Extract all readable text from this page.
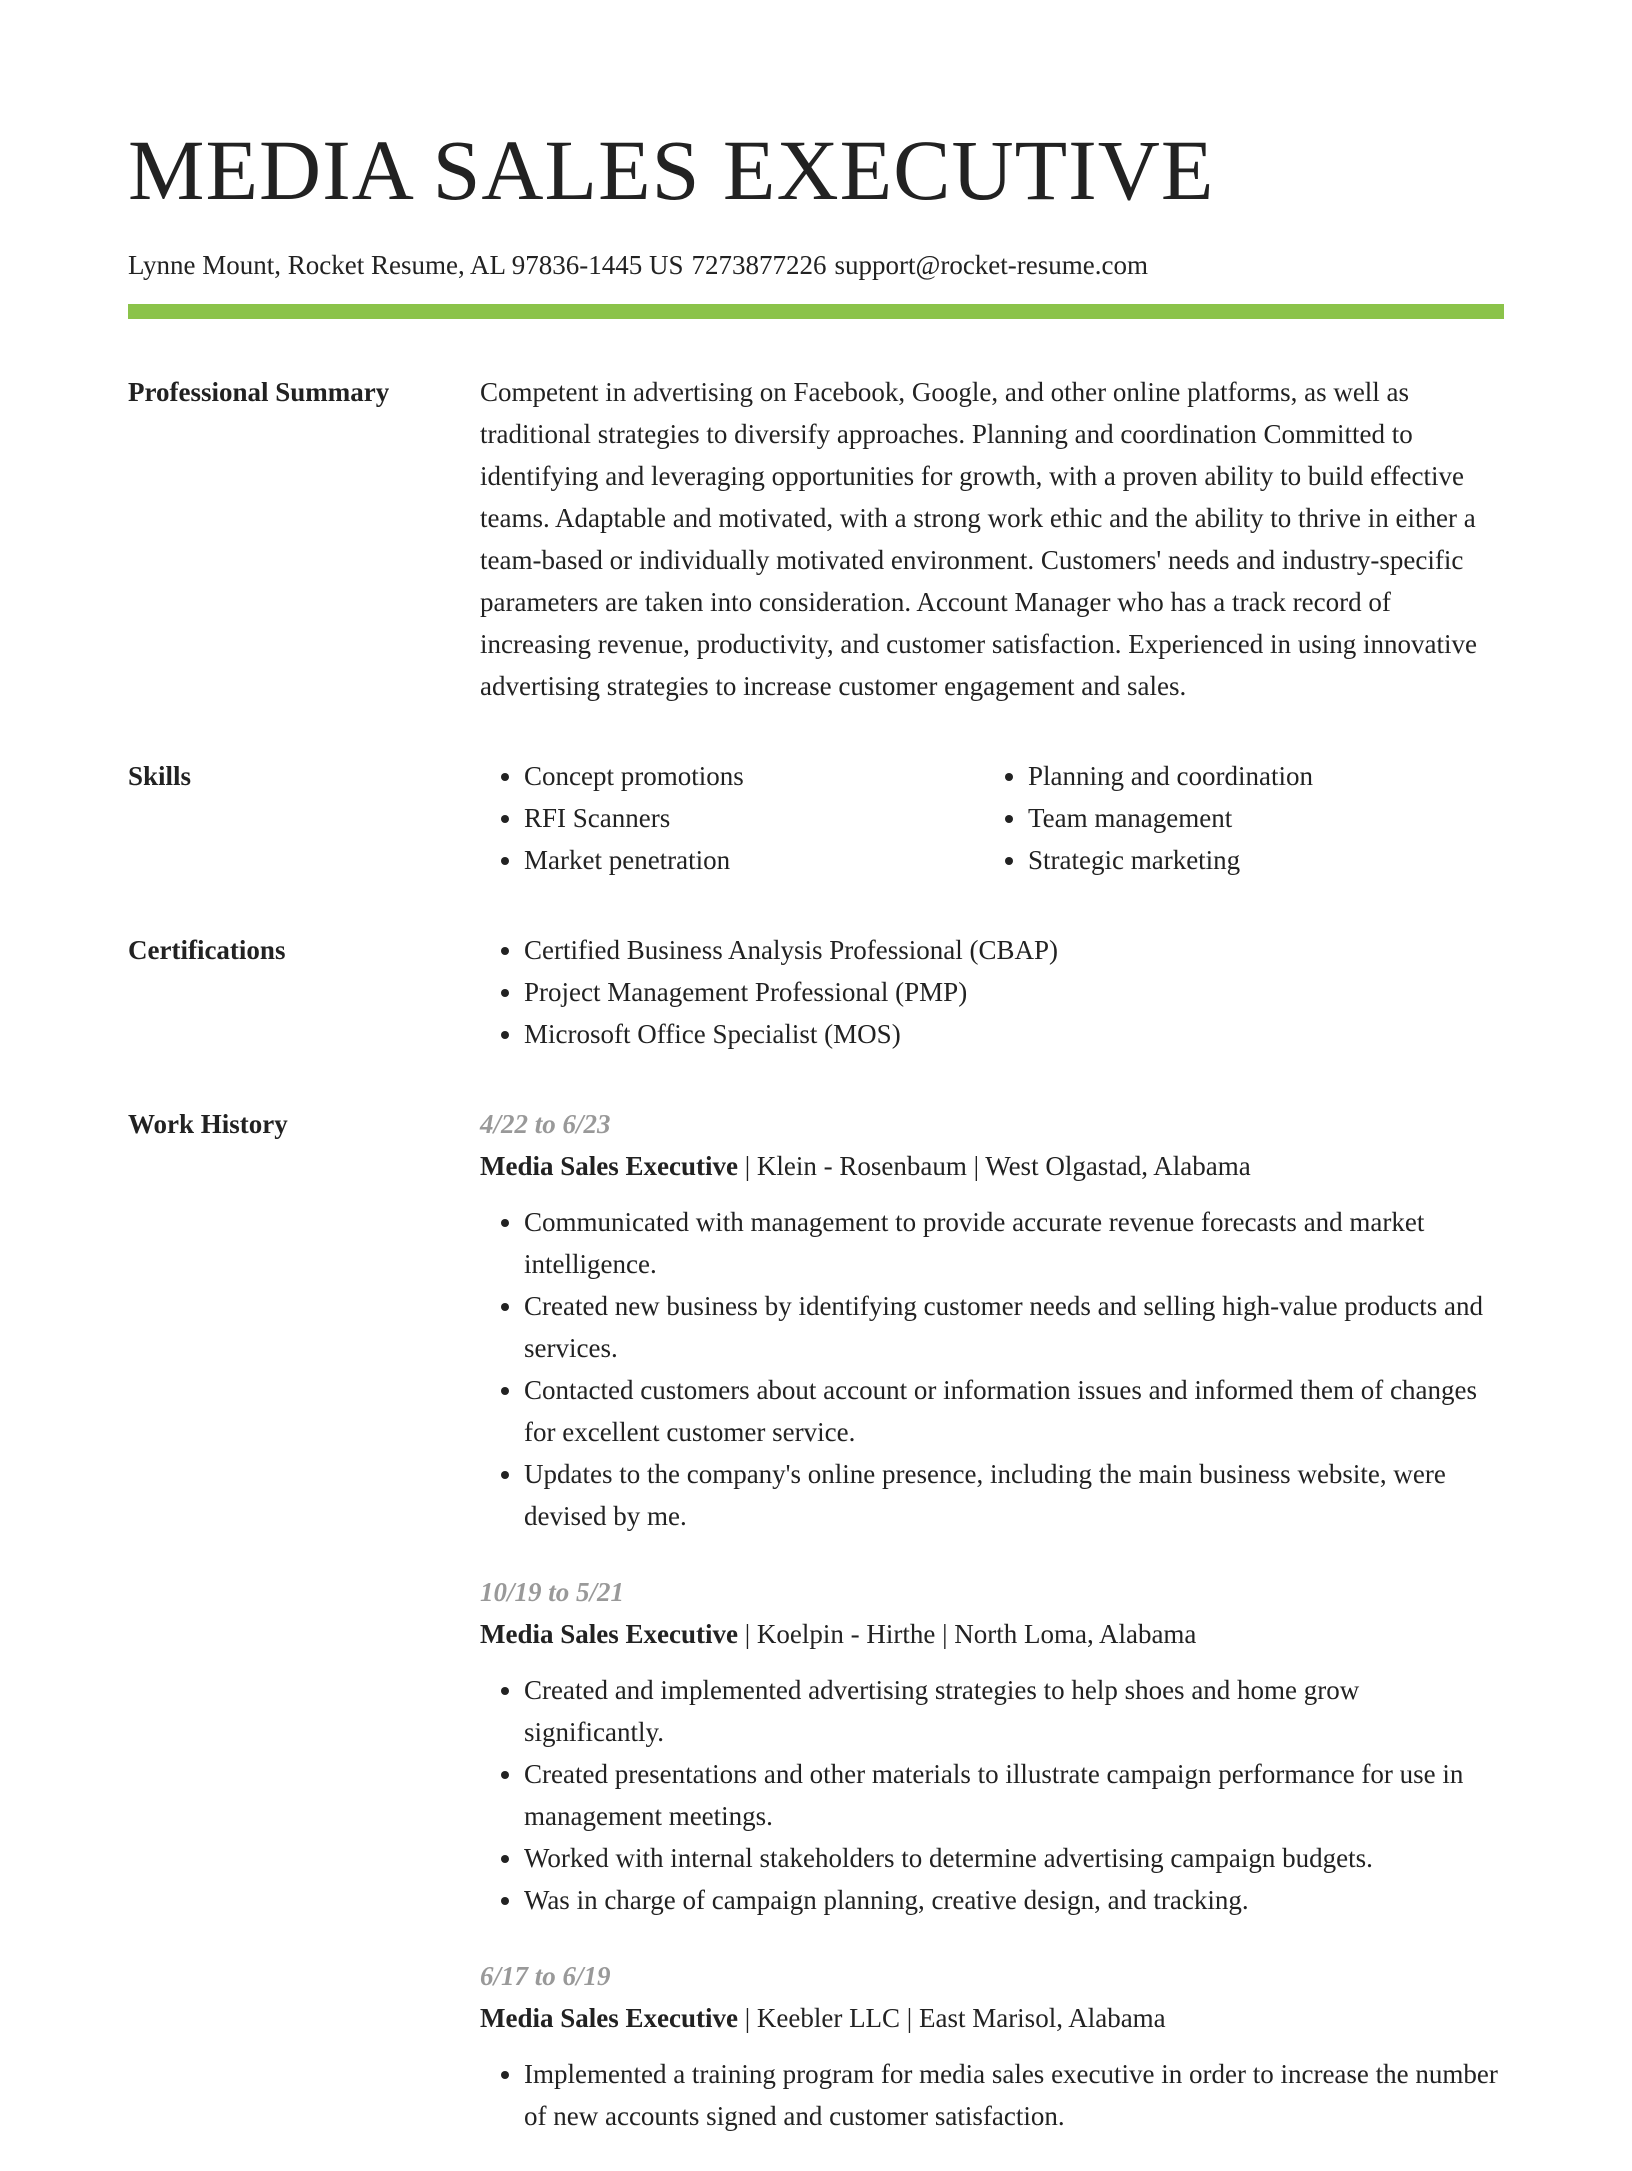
MEDIA SALES EXECUTIVE
Lynne Mount, Rocket Resume, AL 97836-1445 US 7273877226 support@rocket-resume.com
Professional Summary	Competent in advertising on Facebook, Google, and other online platforms, as well as traditional strategies to diversify approaches. Planning and coordination Committed to identifying and leveraging opportunities for growth, with a proven ability to build effective teams. Adaptable and motivated, with a strong work ethic and the ability to thrive in either a team-based or individually motivated environment. Customers' needs and industry-specific parameters are taken into consideration. Account Manager who has a track record of increasing revenue, productivity, and customer satisfaction. Experienced in using innovative advertising strategies to increase customer engagement and sales.

Skills	• Concept promotions
• RFI Scanners
• Market penetration
• Planning and coordination
• Team management
• Strategic marketing
Certifications	• Certified Business Analysis Professional (CBAP)
• Project Management Professional (PMP)
• Microsoft Office Specialist (MOS)
Work History	4/22 to 6/23
Media Sales Executive | Klein - Rosenbaum | West Olgastad, Alabama
• Communicated with management to provide accurate revenue forecasts and market intelligence.
• Created new business by identifying customer needs and selling high-value products and services.
• Contacted customers about account or information issues and informed them of changes for excellent customer service.
• Updates to the company's online presence, including the main business website, were devised by me.
10/19 to 5/21
Media Sales Executive | Koelpin - Hirthe | North Loma, Alabama
• Created and implemented advertising strategies to help shoes and home grow significantly.
• Created presentations and other materials to illustrate campaign performance for use in management meetings.
• Worked with internal stakeholders to determine advertising campaign budgets.
• Was in charge of campaign planning, creative design, and tracking.
6/17 to 6/19
Media Sales Executive | Keebler LLC | East Marisol, Alabama
• Implemented a training program for media sales executive in order to increase the number of new accounts signed and customer satisfaction.
